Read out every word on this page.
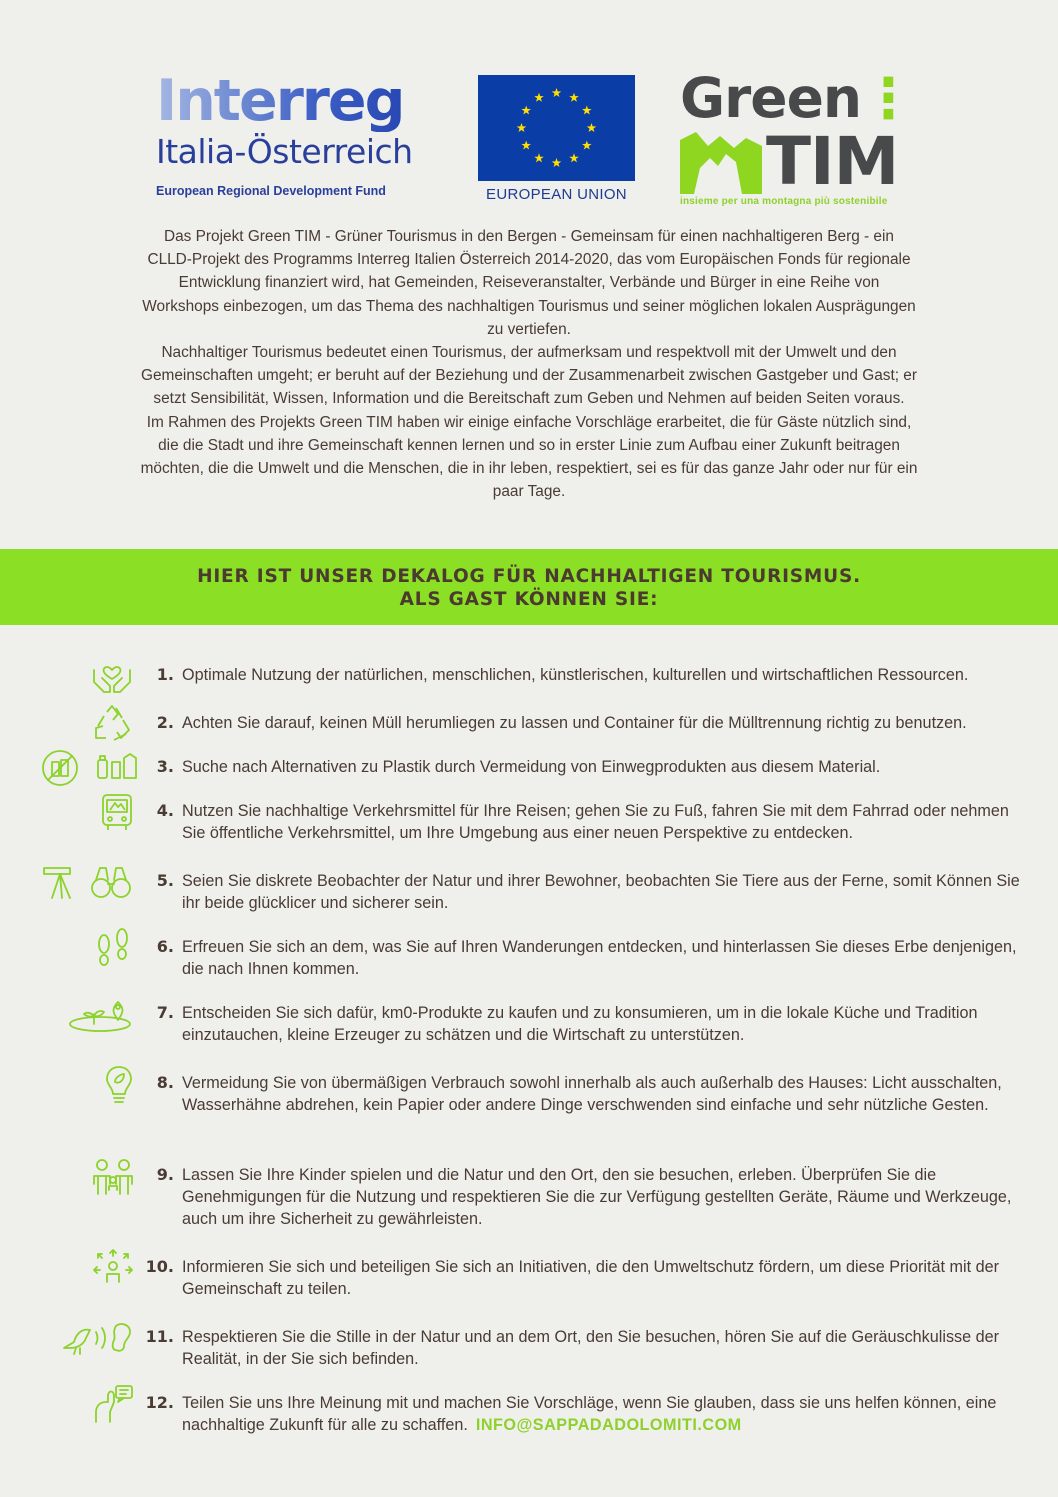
Interreg
Italia-Österreich
European Regional Development Fund	EUROPEAN UNION
Green⋮
TIM
insieme per una montagna più sostenibile

Das Projekt Green TIM - Grüner Tourismus in den Bergen - Gemeinsam für einen nachhaltigeren Berg - ein CLLD-Projekt des Programms Interreg Italien Österreich 2014-2020, das vom Europäischen Fonds für regionale Entwicklung finanziert wird, hat Gemeinden, Reiseveranstalter, Verbände und Bürger in eine Reihe von Workshops einbezogen, um das Thema des nachhaltigen Tourismus und seiner möglichen lokalen Ausprägungen zu vertiefen.

Nachhaltiger Tourismus bedeutet einen Tourismus, der aufmerksam und respektvoll mit der Umwelt und den Gemeinschaften umgeht; er beruht auf der Beziehung und der Zusammenarbeit zwischen Gastgeber und Gast; er setzt Sensibilität, Wissen, Information und die Bereitschaft zum Geben und Nehmen auf beiden Seiten voraus.

Im Rahmen des Projekts Green TIM haben wir einige einfache Vorschläge erarbeitet, die für Gäste nützlich sind, die die Stadt und ihre Gemeinschaft kennen lernen und so in erster Linie zum Aufbau einer Zukunft beitragen möchten, die die Umwelt und die Menschen, die in ihr leben, respektiert, sei es für das ganze Jahr oder nur für ein paar Tage.

HIER IST UNSER DEKALOG FÜR NACHHALTIGEN TOURISMUS.
ALS GAST KÖNNEN SIE:
1. Optimale Nutzung der natürlichen, menschlichen, künstlerischen, kulturellen und wirtschaftlichen Ressourcen.
2. Achten Sie darauf, keinen Müll herumliegen zu lassen und Container für die Mülltrennung richtig zu benutzen.
3. Suche nach Alternativen zu Plastik durch Vermeidung von Einwegprodukten aus diesem Material.
4. Nutzen Sie nachhaltige Verkehrsmittel für Ihre Reisen; gehen Sie zu Fuß, fahren Sie mit dem Fahrrad oder nehmen Sie öffentliche Verkehrsmittel, um Ihre Umgebung aus einer neuen Perspektive zu entdecken.
5. Seien Sie diskrete Beobachter der Natur und ihrer Bewohner, beobachten Sie Tiere aus der Ferne, somit Können Sie ihr beide glücklicer und sicherer sein.
6. Erfreuen Sie sich an dem, was Sie auf Ihren Wanderungen entdecken, und hinterlassen Sie dieses Erbe denjenigen, die nach Ihnen kommen.
7. Entscheiden Sie sich dafür, km0-Produkte zu kaufen und zu konsumieren, um in die lokale Küche und Tradition einzutauchen, kleine Erzeuger zu schätzen und die Wirtschaft zu unterstützen.
8. Vermeidung Sie von übermäßigen Verbrauch sowohl innerhalb als auch außerhalb des Hauses: Licht ausschalten, Wasserhähne abdrehen, kein Papier oder andere Dinge verschwenden sind einfache und sehr nützliche Gesten.
9. Lassen Sie Ihre Kinder spielen und die Natur und den Ort, den sie besuchen, erleben. Überprüfen Sie die Genehmigungen für die Nutzung und respektieren Sie die zur Verfügung gestellten Geräte, Räume und Werkzeuge, auch um ihre Sicherheit zu gewährleisten.
10. Informieren Sie sich und beteiligen Sie sich an Initiativen, die den Umweltschutz fördern, um diese Priorität mit der Gemeinschaft zu teilen.
11. Respektieren Sie die Stille in der Natur und an dem Ort, den Sie besuchen, hören Sie auf die Geräuschkulisse der Realität, in der Sie sich befinden.
12. Teilen Sie uns Ihre Meinung mit und machen Sie Vorschläge, wenn Sie glauben, dass sie uns helfen können, eine nachhaltige Zukunft für alle zu schaffen. INFO@SAPPADADOLOMITI.COM
